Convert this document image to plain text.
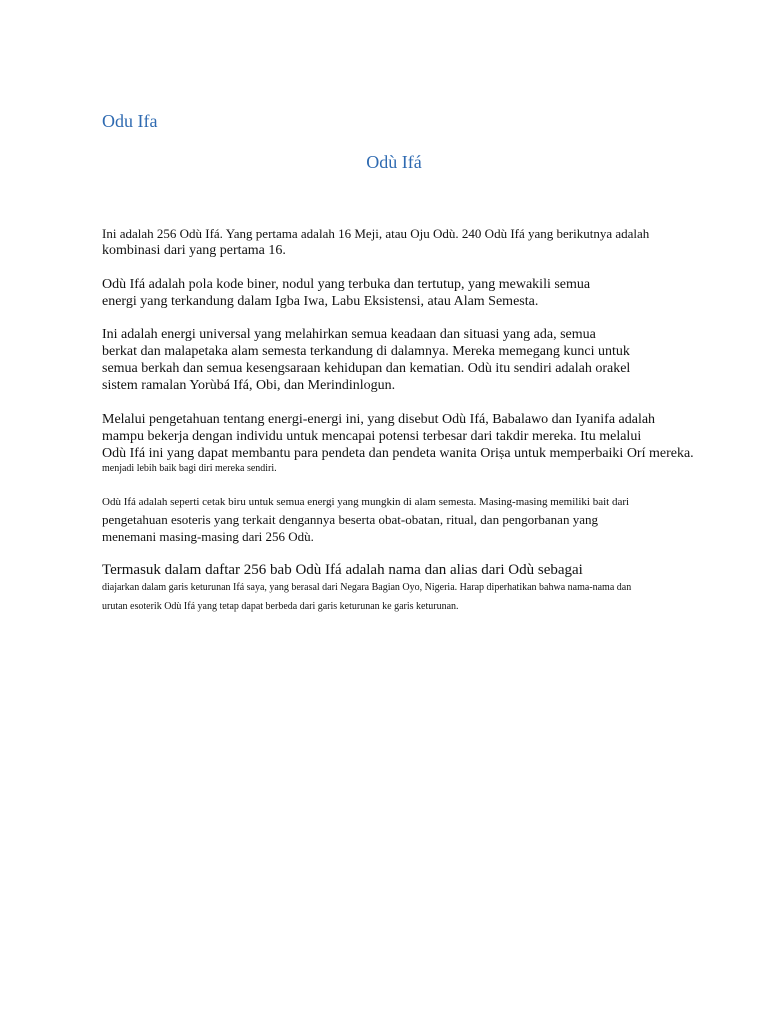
Odu Ifa
Odù Ifá
Ini adalah 256 Odù Ifá. Yang pertama adalah 16 Meji, atau Oju Odù. 240 Odù Ifá yang berikutnya adalah
kombinasi dari yang pertama 16.
Odù Ifá adalah pola kode biner, nodul yang terbuka dan tertutup, yang mewakili semua
energi yang terkandung dalam Igba Iwa, Labu Eksistensi, atau Alam Semesta.
Ini adalah energi universal yang melahirkan semua keadaan dan situasi yang ada, semua
berkat dan malapetaka alam semesta terkandung di dalamnya. Mereka memegang kunci untuk
semua berkah dan semua kesengsaraan kehidupan dan kematian. Odù itu sendiri adalah orakel
sistem ramalan Yorùbá Ifá, Obi, dan Merindinlogun.
Melalui pengetahuan tentang energi-energi ini, yang disebut Odù Ifá, Babalawo dan Iyanifa adalah
mampu bekerja dengan individu untuk mencapai potensi terbesar dari takdir mereka. Itu melalui
Odù Ifá ini yang dapat membantu para pendeta dan pendeta wanita Oriṣa untuk memperbaiki Orí mereka.
menjadi lebih baik bagi diri mereka sendiri.
Odù Ifá adalah seperti cetak biru untuk semua energi yang mungkin di alam semesta. Masing-masing memiliki bait dari
pengetahuan esoteris yang terkait dengannya beserta obat-obatan, ritual, dan pengorbanan yang
menemani masing-masing dari 256 Odù.
Termasuk dalam daftar 256 bab Odù Ifá adalah nama dan alias dari Odù sebagai
diajarkan dalam garis keturunan Ifá saya, yang berasal dari Negara Bagian Oyo, Nigeria. Harap diperhatikan bahwa nama-nama dan
urutan esoterik Odù Ifá yang tetap dapat berbeda dari garis keturunan ke garis keturunan.
